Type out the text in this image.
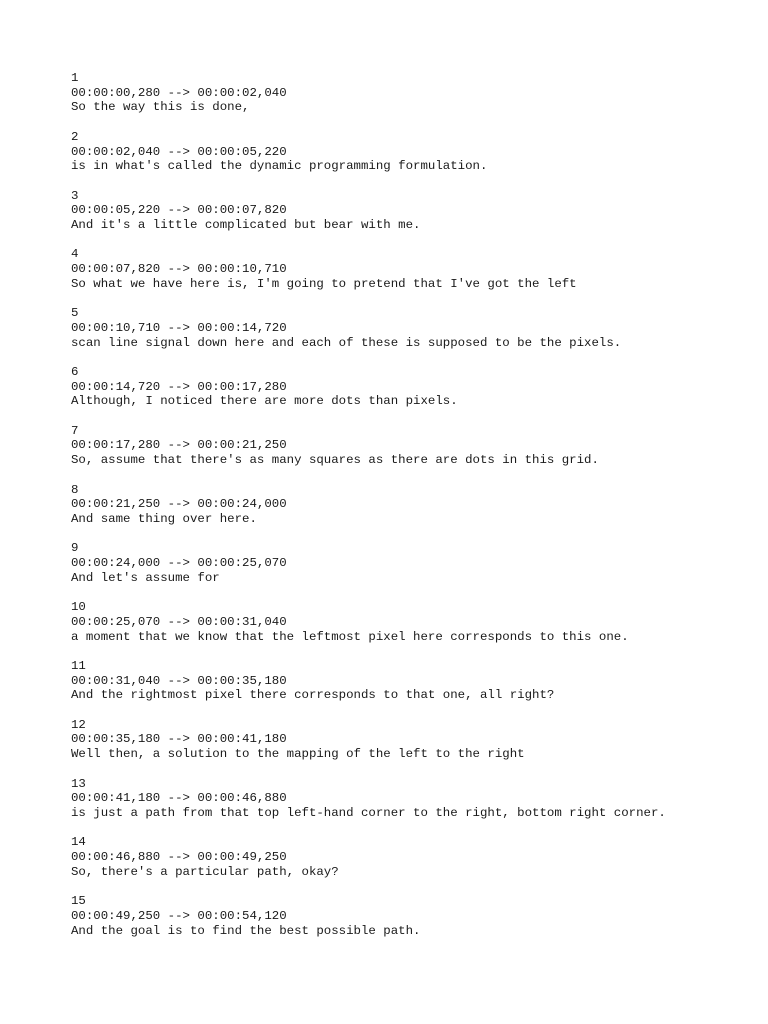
1
00:00:00,280 --> 00:00:02,040
So the way this is done,
2
00:00:02,040 --> 00:00:05,220
is in what's called the dynamic programming formulation.
3
00:00:05,220 --> 00:00:07,820
And it's a little complicated but bear with me.
4
00:00:07,820 --> 00:00:10,710
So what we have here is, I'm going to pretend that I've got the left
5
00:00:10,710 --> 00:00:14,720
scan line signal down here and each of these is supposed to be the pixels.
6
00:00:14,720 --> 00:00:17,280
Although, I noticed there are more dots than pixels.
7
00:00:17,280 --> 00:00:21,250
So, assume that there's as many squares as there are dots in this grid.
8
00:00:21,250 --> 00:00:24,000
And same thing over here.
9
00:00:24,000 --> 00:00:25,070
And let's assume for
10
00:00:25,070 --> 00:00:31,040
a moment that we know that the leftmost pixel here corresponds to this one.
11
00:00:31,040 --> 00:00:35,180
And the rightmost pixel there corresponds to that one, all right?
12
00:00:35,180 --> 00:00:41,180
Well then, a solution to the mapping of the left to the right
13
00:00:41,180 --> 00:00:46,880
is just a path from that top left-hand corner to the right, bottom right corner.
14
00:00:46,880 --> 00:00:49,250
So, there's a particular path, okay?
15
00:00:49,250 --> 00:00:54,120
And the goal is to find the best possible path.
